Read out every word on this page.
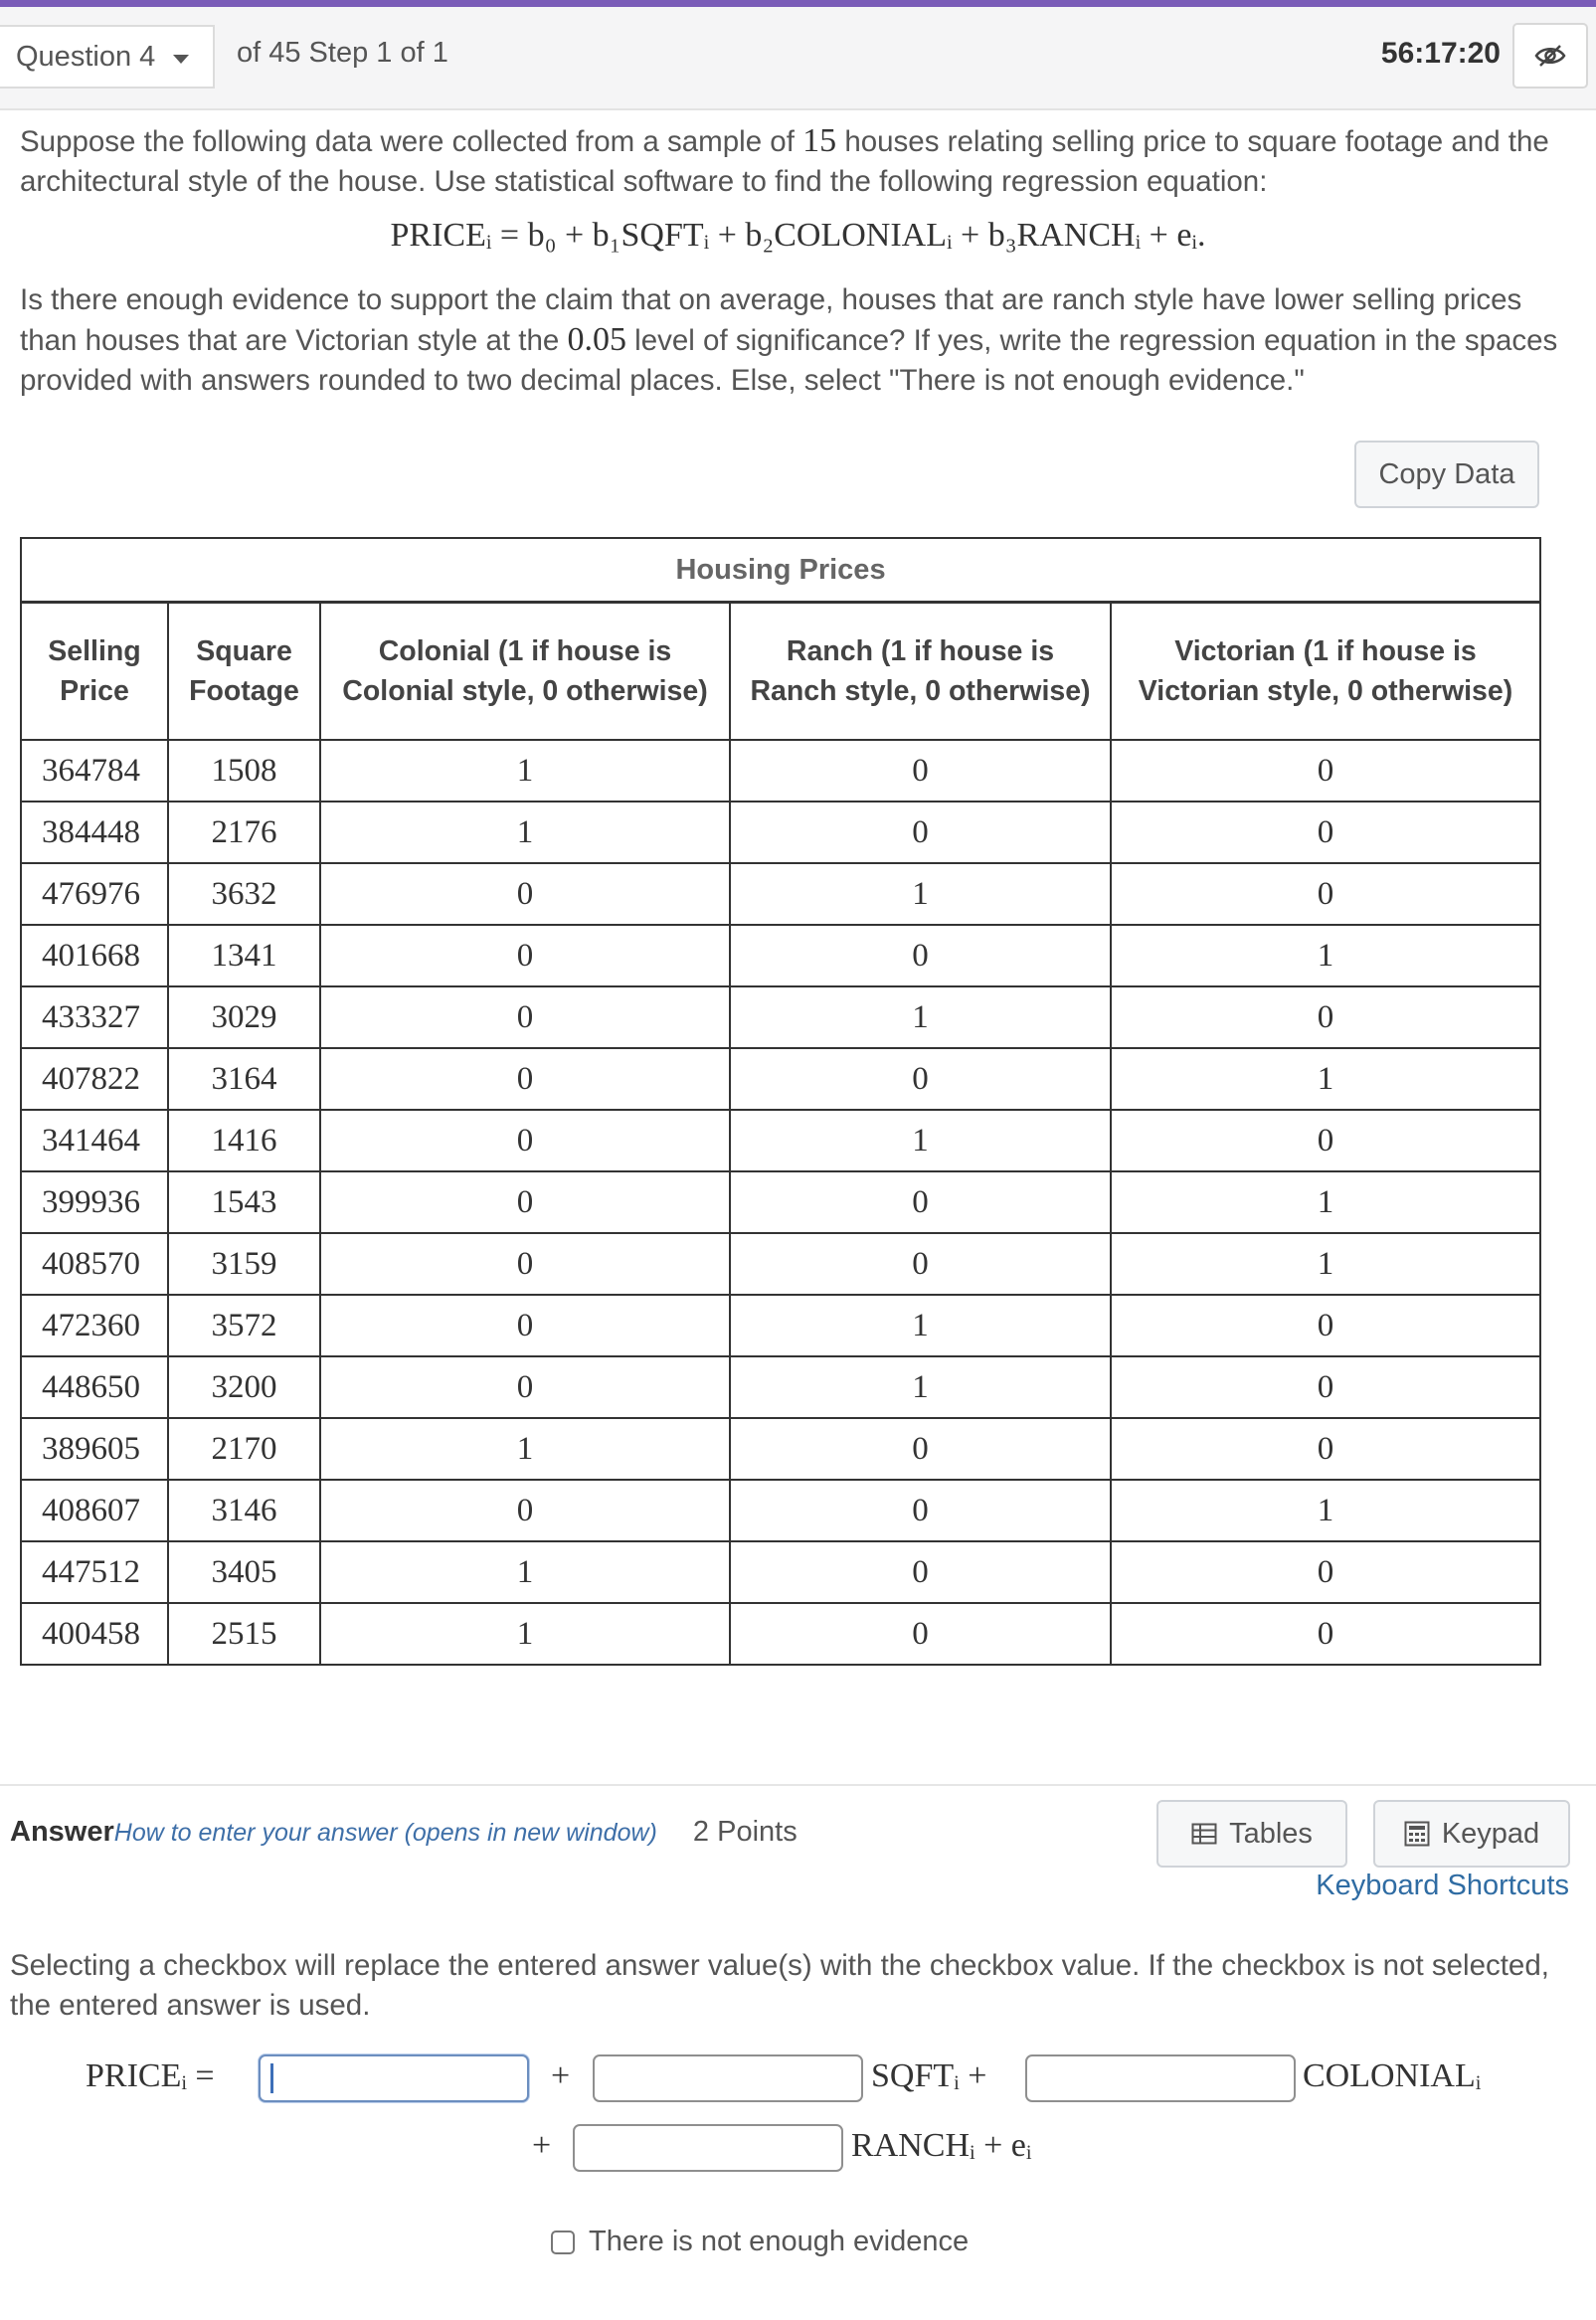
Question 4	of 45 Step 1 of 1	56:17:20
Suppose the following data were collected from a sample of 15 houses relating selling price to square footage and the architectural style of the house. Use statistical software to find the following regression equation:
PRICEᵢ = b₀ + b₁SQFTᵢ + b₂COLONIALᵢ + b₃RANCHᵢ + eᵢ.
Is there enough evidence to support the claim that on average, houses that are ranch style have lower selling prices than houses that are Victorian style at the 0.05 level of significance? If yes, write the regression equation in the spaces provided with answers rounded to two decimal places. Else, select "There is not enough evidence."
Copy Data
Housing Prices				
Selling Price	Square Footage	Colonial (1 if house is Colonial style, 0 otherwise)	Ranch (1 if house is Ranch style, 0 otherwise)	Victorian (1 if house is Victorian style, 0 otherwise)
364784	1508	1	0	0
384448	2176	1	0	0
476976	3632	0	1	0
401668	1341	0	0	1
433327	3029	0	1	0
407822	3164	0	0	1
341464	1416	0	1	0
399936	1543	0	0	1
408570	3159	0	0	1
472360	3572	0	1	0
448650	3200	0	1	0
389605	2170	1	0	0
408607	3146	0	0	1
447512	3405	1	0	0
400458	2515	1	0	0
AnswerHow to enter your answer (opens in new window) 2 Points	Tables	Keypad
Keyboard Shortcuts
Selecting a checkbox will replace the entered answer value(s) with the checkbox value. If the checkbox is not selected, the entered answer is used.
PRICEᵢ =	+	SQFTᵢ +	COLONIALᵢ
+	RANCHᵢ + eᵢ
There is not enough evidence
